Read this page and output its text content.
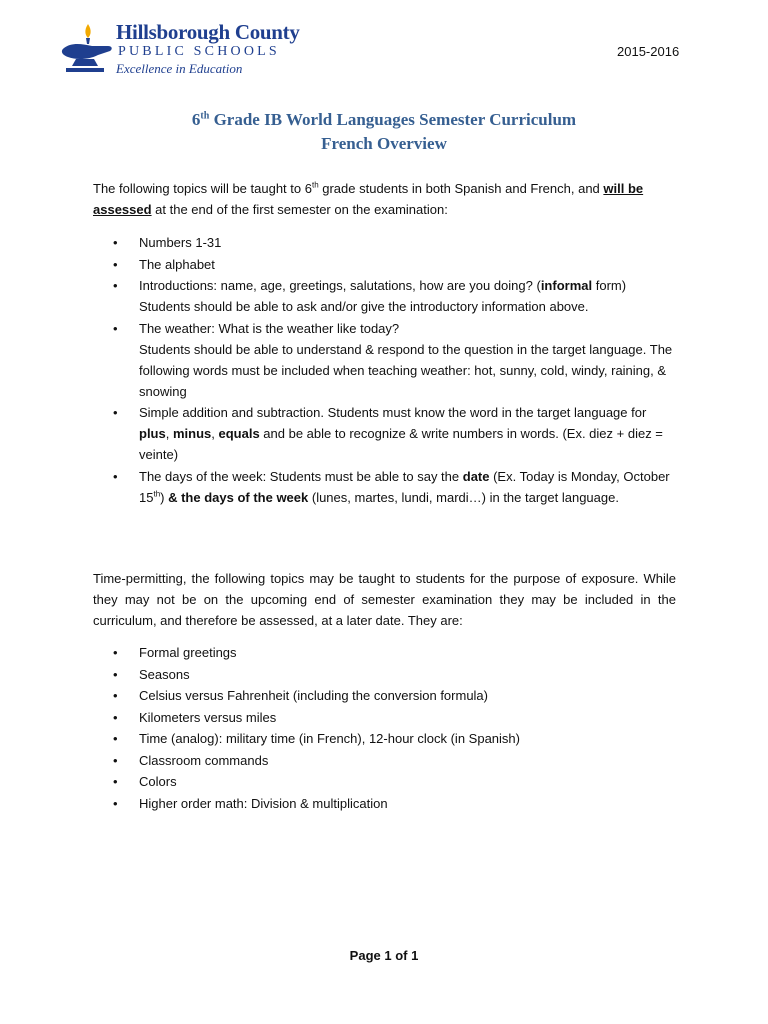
Hillsborough County
PUBLIC SCHOOLS
Excellence in Education
2015-2016
6th Grade IB World Languages Semester Curriculum
French Overview
The following topics will be taught to 6th grade students in both Spanish and French, and will be assessed at the end of the first semester on the examination:
• Numbers 1-31
• The alphabet
• Introductions: name, age, greetings, salutations, how are you doing? (informal form) Students should be able to ask and/or give the introductory information above.
• The weather: What is the weather like today?
Students should be able to understand & respond to the question in the target language. The following words must be included when teaching weather: hot, sunny, cold, windy, raining, & snowing
• Simple addition and subtraction. Students must know the word in the target language for plus, minus, equals and be able to recognize & write numbers in words. (Ex. diez + diez = veinte)
• The days of the week: Students must be able to say the date (Ex. Today is Monday, October 15th) & the days of the week (lunes, martes, lundi, mardi…) in the target language.
Time-permitting, the following topics may be taught to students for the purpose of exposure. While they may not be on the upcoming end of semester examination they may be included in the curriculum, and therefore be assessed, at a later date. They are:
• Formal greetings
• Seasons
• Celsius versus Fahrenheit (including the conversion formula)
• Kilometers versus miles
• Time (analog): military time (in French), 12-hour clock (in Spanish)
• Classroom commands
• Colors
• Higher order math: Division & multiplication
Page 1 of 1
